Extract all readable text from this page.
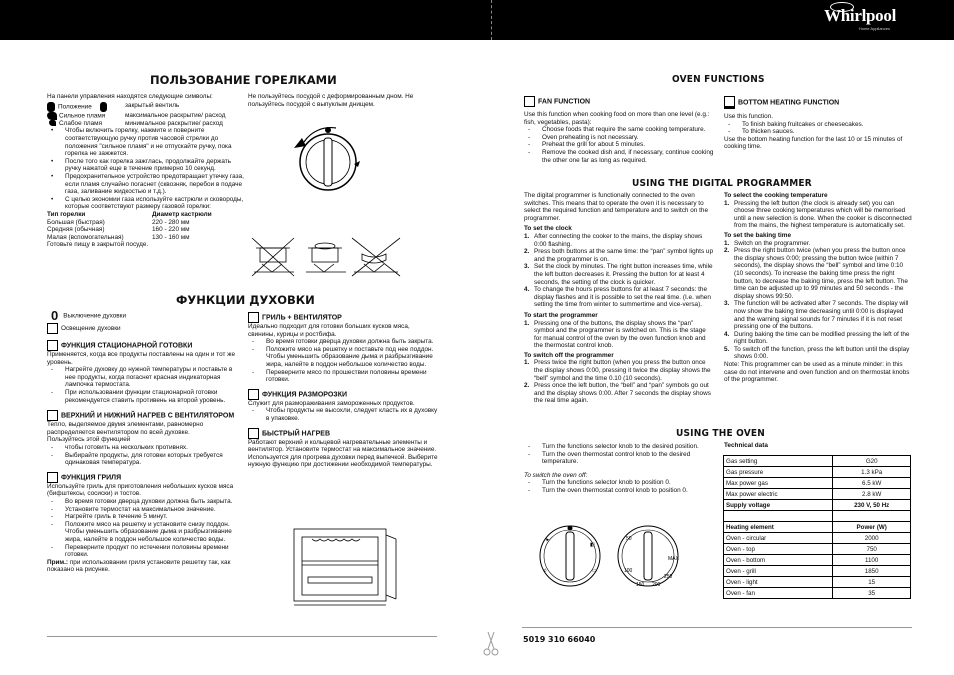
Whirlpool
Home Appliances
ПОЛЬЗОВАНИЕ ГОРЕЛКАМИ
На панели управления находятся следующие символы:
Положение	закрытый вентиль
Сильное пламя	максимальное раскрытие/ расход
Слабое пламя	минимальное раскрытие/ расход
• Чтобы включить горелку, нажмите и поверните соответствующую ручку против часовой стрелки до положения "сильное пламя" и не отпускайте ручку, пока горелка не зажжется.
• После того как горелка зажглась, продолжайте держать ручку нажатой еще в течение примерно 10 секунд.
• Предохранительное устройство предотвращает утечку газа, если пламя случайно погаснет (сквозняк, перебои в подаче газа, заливание жидкостью и т.д.).
• С целью экономии газа используйте кастрюли и сковороды, которые соответствуют размеру газовой горелки:
Тип горелки	Диаметр кастрюли
Большая (быстрая)	220 - 280 мм
Средняя (обычная)	160 - 220 мм
Малая (вспомогательная)	130 - 160 мм
Готовьте пищу в закрытой посуде.
Не пользуйтесь посудой с деформированным дном. Не пользуйтесь посудой с выпуклым днищем.
ФУНКЦИИ ДУХОВКИ
0 Выключение духовки
Освещение духовки
ФУНКЦИЯ СТАЦИОНАРНОЙ ГОТОВКИ
Применяется, когда все продукты поставлены на один и тот же уровень.
- Нагрейте духовку до нужной температуры и поставьте в нее продукты, когда погаснет красная индикаторная лампочка термостата.
- При использовании функции стационарной готовки рекомендуется ставить противень на второй уровень.
ВЕРХНИЙ И НИЖНИЙ НАГРЕВ С ВЕНТИЛЯТОРОМ
Тепло, выделяемое двумя элементами, равномерно распределяется вентилятором по всей духовке.
Пользуйтесь этой функцией
- чтобы готовить на нескольких противнях.
- Выбирайте продукты, для готовки которых требуется одинаковая температура.
ФУНКЦИЯ ГРИЛЯ
Используйте гриль для приготовления небольших кусков мяса (бифштексы, сосиски) и тостов.
- Во время готовки дверца духовки должна быть закрыта.
- Установите термостат на максимальное значение.
- Нагрейте гриль в течение 5 минут.
- Положите мясо на решетку и установите снизу поддон. Чтобы уменьшить образование дыма и разбрызгивание жира, налейте в поддон небольшое количество воды.
- Переверните продукт по истечении половины времени готовки.
Прим.: при использовании гриля установите решетку так, как показано на рисунке.
ГРИЛЬ + ВЕНТИЛЯТОР
Идеально подходит для готовки больших кусков мяса, свинины, курицы и ростбифа.
- Во время готовки дверца духовки должна быть закрыта.
- Положите мясо на решетку и поставьте под нее поддон. Чтобы уменьшить образование дыма и разбрызгивание жира, налейте в поддон небольшое количество воды.
- Переверните мясо по прошествии половины времени готовки.
ФУНКЦИЯ РАЗМОРОЗКИ
Служит для размораживания замороженных продуктов.
- Чтобы продукты не высохли, следует класть их в духовку в упаковке.
БЫСТРЫЙ НАГРЕВ
Работают верхний и кольцевой нагревательные элементы и вентилятор. Установите термостат на максимальное значение.
Используется для прогрева духовки перед выпечкой. Выберите нужную функцию при достижении необходимой температуры.
OVEN FUNCTIONS
FAN FUNCTION
Use this function when cooking food on more than one level (e.g.: fish, vegetables, pasta):
- Choose foods that require the same cooking temperature.
- Oven preheating is not necessary.
- Preheat the grill for about 5 minutes.
- Remove the cooked dish and, if necessary, continue cooking the other one far as long as required.
BOTTOM HEATING FUNCTION
Use this function.
- To finish baking fruitcakes or cheesecakes.
- To thicken sauces.
Use the bottom heating function for the last 10 or 15 minutes of cooking time.
USING THE DIGITAL PROGRAMMER
The digital programmer is functionally connected to the oven switches. This means that to operate the oven it is necessary to select the required function and temperature and to switch on the programmer.
To set the clock
1. After connecting the cooker to the mains, the display shows 0:00 flashing.
2. Press both buttons at the same time: the “pan” symbol lights up and the programmer is on.
3. Set the clock by minutes. The right button increases time, while the left button decreases it. Pressing the button for at least 4 seconds, the setting of the clock is quicker.
4. To change the hours press buttons for at least 7 seconds: the display flashes and it is possible to set the real time. (I.e. when setting the time from winter to summertime and vice-versa).
To start the programmer
1. Pressing one of the buttons, the display shows the “pan” symbol and the programmer is switched on. This is the stage for manual control of the oven by the oven function knob and the thermostat control knob.
To switch off the programmer
1. Press twice the right button (when you press the button once the display shows 0:00, pressing it twice the display shows the “bell” symbol and the time 0.10 (10 seconds).
2. Press once the left button, the “bell” and “pan” symbols go out and the display shows 0:00. After 7 seconds the display shows the real time again.
To select the cooking temperature
1. Pressing the left button (the clock is already set) you can choose three cooking temperatures which will be memorised until a new selection is done. When the cooker is disconnected from the mains, the highest temperature is automatically set.
To set the baking time
1. Switch on the programmer.
2. Press the right button twice (when you press the button once the display shows 0:00; pressing the button twice (within 7 seconds), the display shows the “bell” symbol and time 0:10 (10 seconds). To increase the baking time press the right button, to decrease the baking time, press the left button. The time can be adjusted up to 99 minutes and 50 seconds - the display shows 99:50.
3. The function will be activated after 7 seconds. The display will now show the baking time decreasing until 0:00 is displayed and the warning signal sounds for 7 minutes if it is not reset pressing one of the buttons.
4. During baking the time can be modified pressing the left of the right button.
5. To switch off the function, press the left button until the display shows 0:00.
Note: This programmer can be used as a minute minder: in this case do not intervene and oven function and on thermostat knobs of the programmer.
USING THE OVEN
- Turn the functions selector knob to the desired position.
- Turn the oven thermostat control knob to the desired temperature.
To switch the oven off:
- Turn the functions selector knob to position 0.
- Turn the oven thermostat control knob to position 0.
▲
◊
◧
▭
50
100
150 200
250
MAX
Technical data
Gas setting	G20
Gas pressure	1.3 kPa
Max power gas	6.5 kW
Max power electric	2.8 kW
Supply voltage	230 V, 50 Hz

Heating element	Power (W)
Oven - circular	2000
Oven - top	750
Oven - bottom	1100
Oven - grill	1850
Oven - light	15
Oven - fan	35
5019 310 66040
